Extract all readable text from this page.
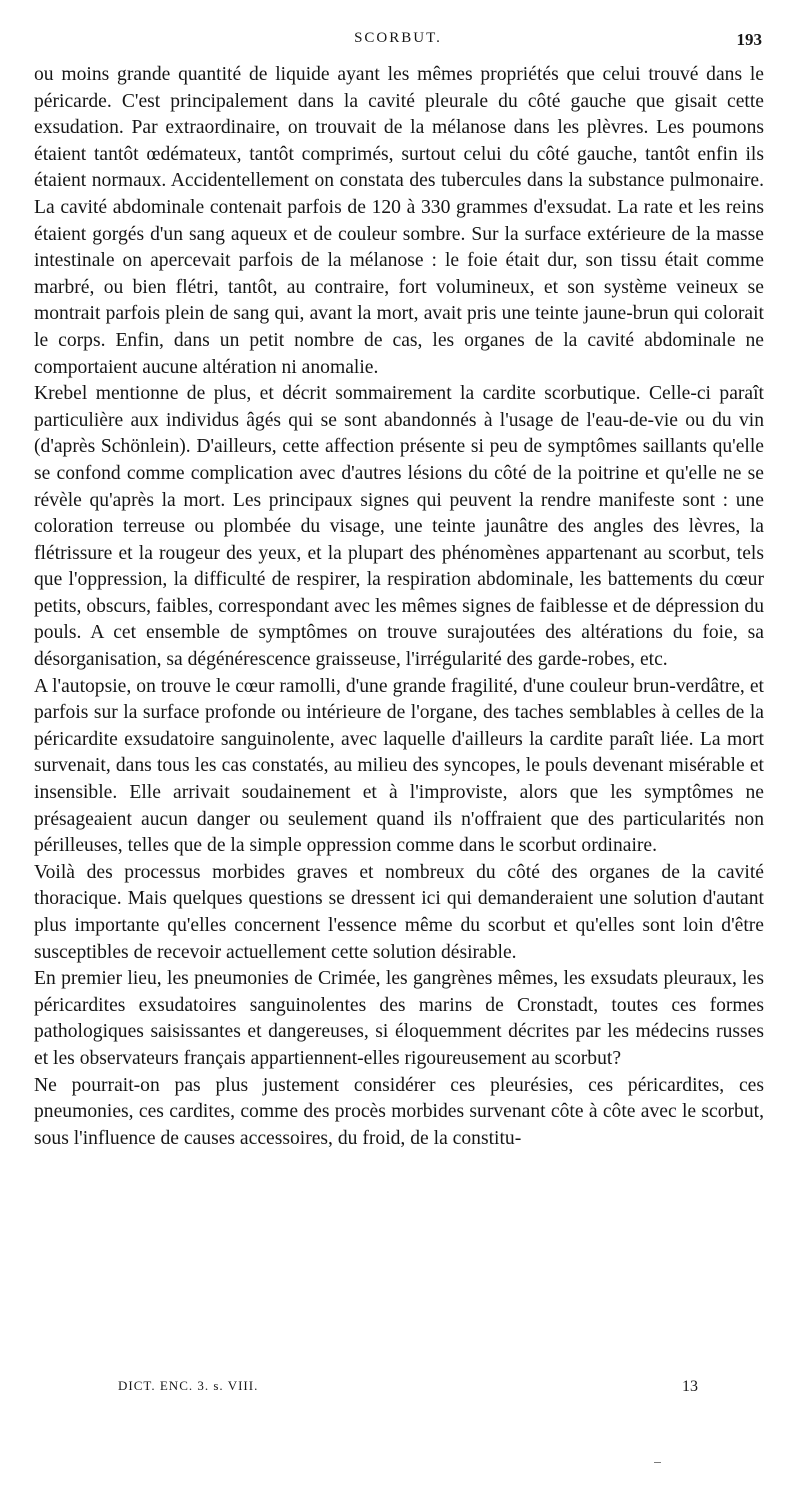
SCORBUT.	193

ou moins grande quantité de liquide ayant les mêmes propriétés que celui trouvé dans le péricarde. C'est principalement dans la cavité pleurale du côté gauche que gisait cette exsudation. Par extraordinaire, on trouvait de la mélanose dans les plèvres. Les poumons étaient tantôt œdémateux, tantôt comprimés, surtout celui du côté gauche, tantôt enfin ils étaient normaux. Accidentellement on constata des tubercules dans la substance pulmonaire. La cavité abdominale contenait parfois de 120 à 330 grammes d'exsudat. La rate et les reins étaient gorgés d'un sang aqueux et de couleur sombre. Sur la surface extérieure de la masse intestinale on apercevait parfois de la mélanose : le foie était dur, son tissu était comme marbré, ou bien flétri, tantôt, au contraire, fort volumineux, et son système veineux se montrait parfois plein de sang qui, avant la mort, avait pris une teinte jaune-brun qui colorait le corps. Enfin, dans un petit nombre de cas, les organes de la cavité abdominale ne comportaient aucune altération ni anomalie.

Krebel mentionne de plus, et décrit sommairement la cardite scorbutique. Celle-ci paraît particulière aux individus âgés qui se sont abandonnés à l'usage de l'eau-de-vie ou du vin (d'après Schönlein). D'ailleurs, cette affection présente si peu de symptômes saillants qu'elle se confond comme complication avec d'autres lésions du côté de la poitrine et qu'elle ne se révèle qu'après la mort. Les principaux signes qui peuvent la rendre manifeste sont : une coloration terreuse ou plombée du visage, une teinte jaunâtre des angles des lèvres, la flétrissure et la rougeur des yeux, et la plupart des phénomènes appartenant au scorbut, tels que l'oppression, la difficulté de respirer, la respiration abdominale, les battements du cœur petits, obscurs, faibles, correspondant avec les mêmes signes de faiblesse et de dépression du pouls. A cet ensemble de symptômes on trouve surajoutées des altérations du foie, sa désorganisation, sa dégénérescence graisseuse, l'irrégularité des garde-robes, etc.

A l'autopsie, on trouve le cœur ramolli, d'une grande fragilité, d'une couleur brun-verdâtre, et parfois sur la surface profonde ou intérieure de l'organe, des taches semblables à celles de la péricardite exsudatoire sanguinolente, avec laquelle d'ailleurs la cardite paraît liée. La mort survenait, dans tous les cas constatés, au milieu des syncopes, le pouls devenant misérable et insensible. Elle arrivait soudainement et à l'improviste, alors que les symptômes ne présageaient aucun danger ou seulement quand ils n'offraient que des particularités non périlleuses, telles que de la simple oppression comme dans le scorbut ordinaire.

Voilà des processus morbides graves et nombreux du côté des organes de la cavité thoracique. Mais quelques questions se dressent ici qui demanderaient une solution d'autant plus importante qu'elles concernent l'essence même du scorbut et qu'elles sont loin d'être susceptibles de recevoir actuellement cette solution désirable.

En premier lieu, les pneumonies de Crimée, les gangrènes mêmes, les exsudats pleuraux, les péricardites exsudatoires sanguinolentes des marins de Cronstadt, toutes ces formes pathologiques saisissantes et dangereuses, si éloquemment décrites par les médecins russes et les observateurs français appartiennent-elles rigoureusement au scorbut?

Ne pourrait-on pas plus justement considérer ces pleurésies, ces péricardites, ces pneumonies, ces cardites, comme des procès morbides survenant côte à côte avec le scorbut, sous l'influence de causes accessoires, du froid, de la constitu-

DICT. ENC. 3. s. VIII.	13
